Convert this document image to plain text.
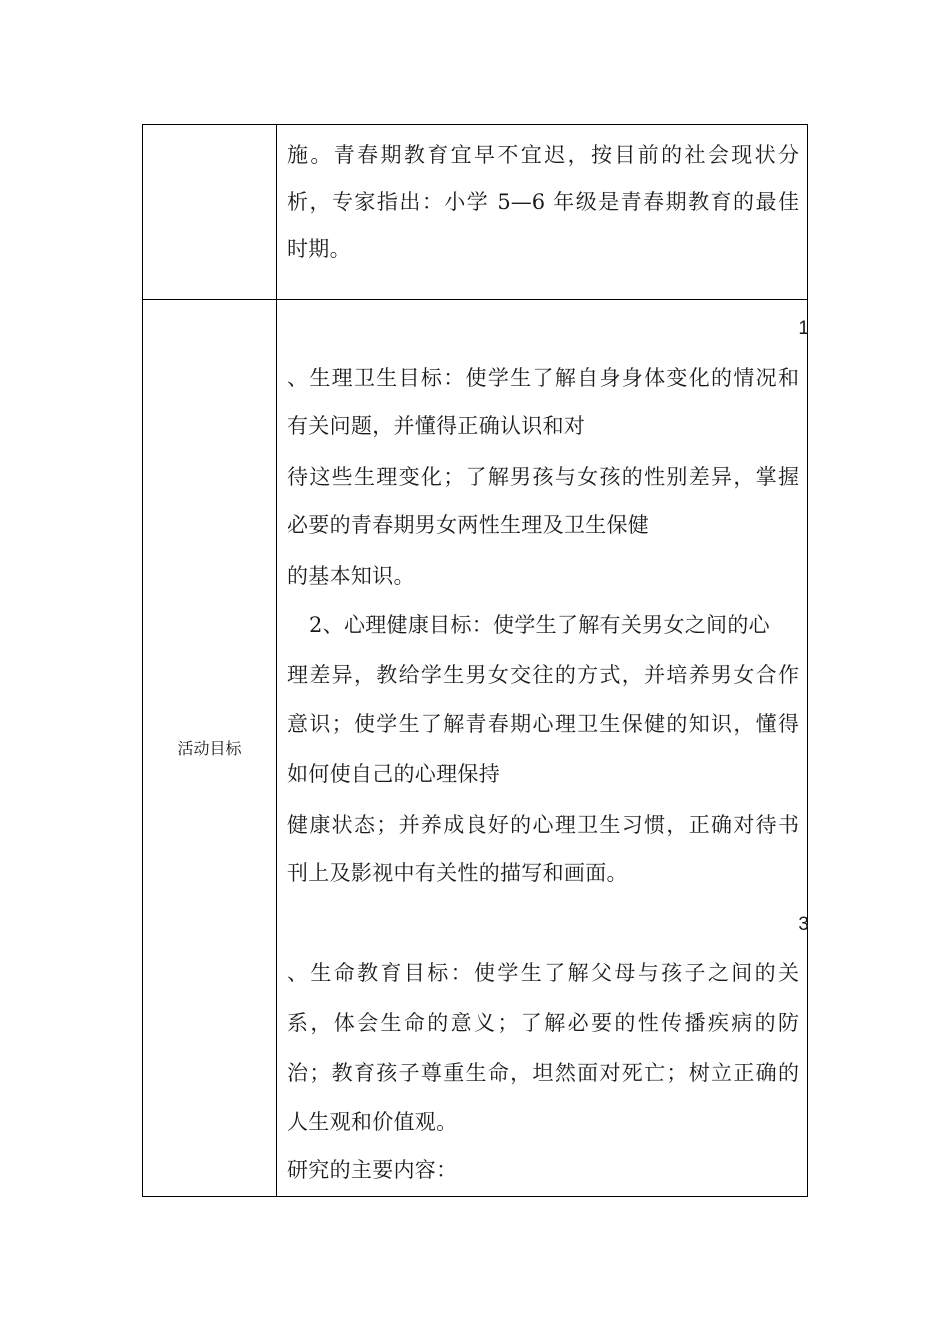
施。青春期教育宜早不宜迟，按目前的社会现状分
析，专家指出：小学 5—6 年级是青春期教育的最佳
时期。
活动目标
1
、生理卫生目标：使学生了解自身身体变化的情况和
有关问题，并懂得正确认识和对
待这些生理变化；了解男孩与女孩的性别差异，掌握
必要的青春期男女两性生理及卫生保健
的基本知识。
2、心理健康目标：使学生了解有关男女之间的心
理差异，教给学生男女交往的方式，并培养男女合作
意识；使学生了解青春期心理卫生保健的知识，懂得
如何使自己的心理保持
健康状态；并养成良好的心理卫生习惯，正确对待书
刊上及影视中有关性的描写和画面。
3
、生命教育目标：使学生了解父母与孩子之间的关
系，体会生命的意义；了解必要的性传播疾病的防
治；教育孩子尊重生命，坦然面对死亡；树立正确的
人生观和价值观。
研究的主要内容：
